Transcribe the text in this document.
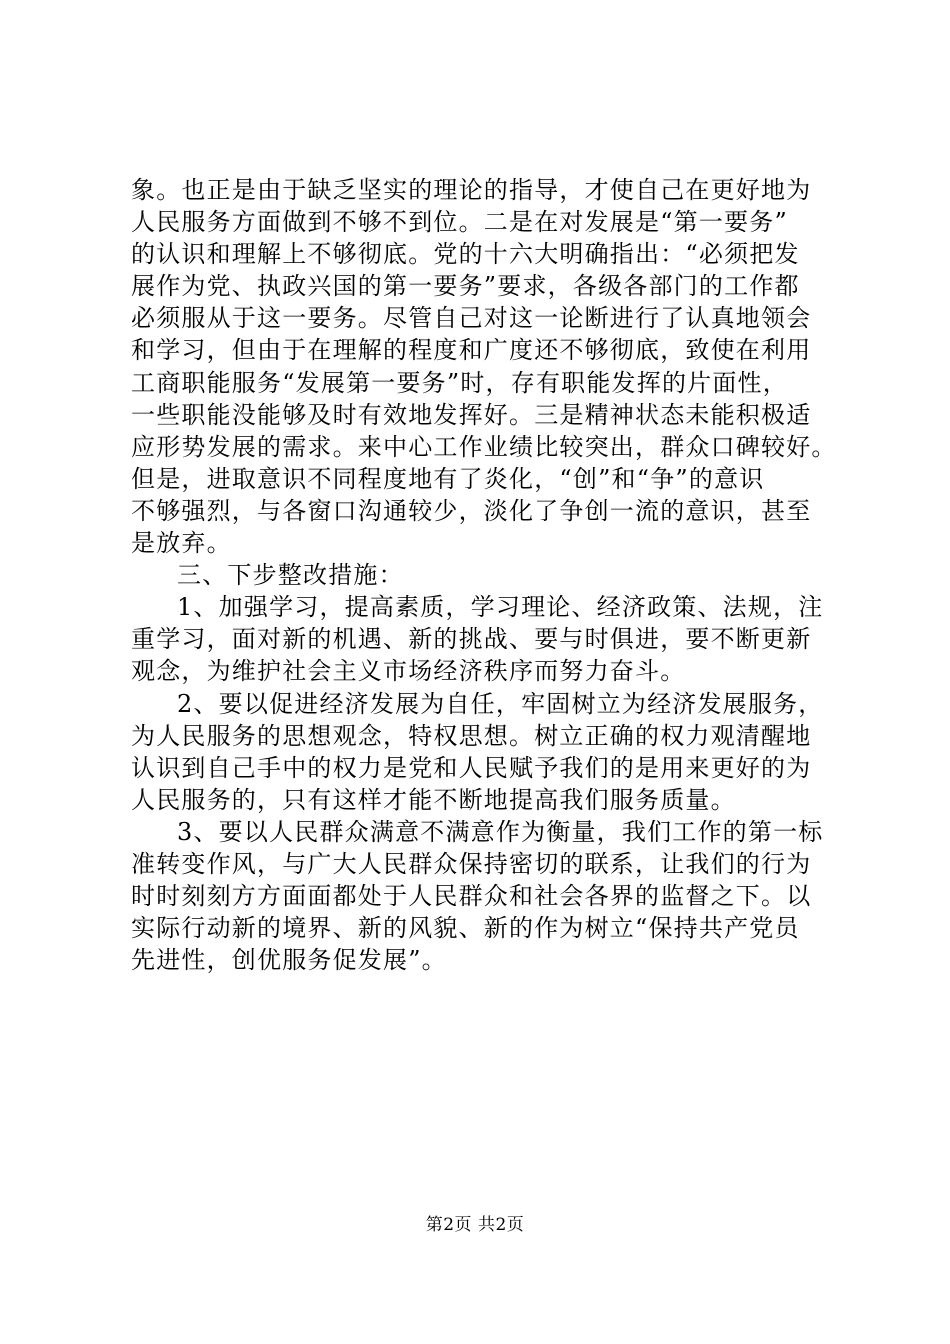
象。也正是由于缺乏坚实的理论的指导，才使自己在更好地为
人民服务方面做到不够不到位。二是在对发展是“第一要务”
的认识和理解上不够彻底。党的十六大明确指出：“必须把发
展作为党、执政兴国的第一要务”要求，各级各部门的工作都
必须服从于这一要务。尽管自己对这一论断进行了认真地领会
和学习，但由于在理解的程度和广度还不够彻底，致使在利用
工商职能服务“发展第一要务”时，存有职能发挥的片面性，
一些职能没能够及时有效地发挥好。三是精神状态未能积极适
应形势发展的需求。来中心工作业绩比较突出，群众口碑较好。
但是，进取意识不同程度地有了炎化，“创”和“争”的意识
不够强烈，与各窗口沟通较少，淡化了争创一流的意识，甚至
是放弃。
三、下步整改措施：
1、加强学习，提高素质，学习理论、经济政策、法规，注
重学习，面对新的机遇、新的挑战、要与时俱进，要不断更新
观念，为维护社会主义市场经济秩序而努力奋斗。
2、要以促进经济发展为自任，牢固树立为经济发展服务，
为人民服务的思想观念，特权思想。树立正确的权力观清醒地
认识到自己手中的权力是党和人民赋予我们的是用来更好的为
人民服务的，只有这样才能不断地提高我们服务质量。
3、要以人民群众满意不满意作为衡量，我们工作的第一标
准转变作风，与广大人民群众保持密切的联系，让我们的行为
时时刻刻方方面面都处于人民群众和社会各界的监督之下。以
实际行动新的境界、新的风貌、新的作为树立“保持共产党员
先进性，创优服务促发展”。
第2页 共2页
